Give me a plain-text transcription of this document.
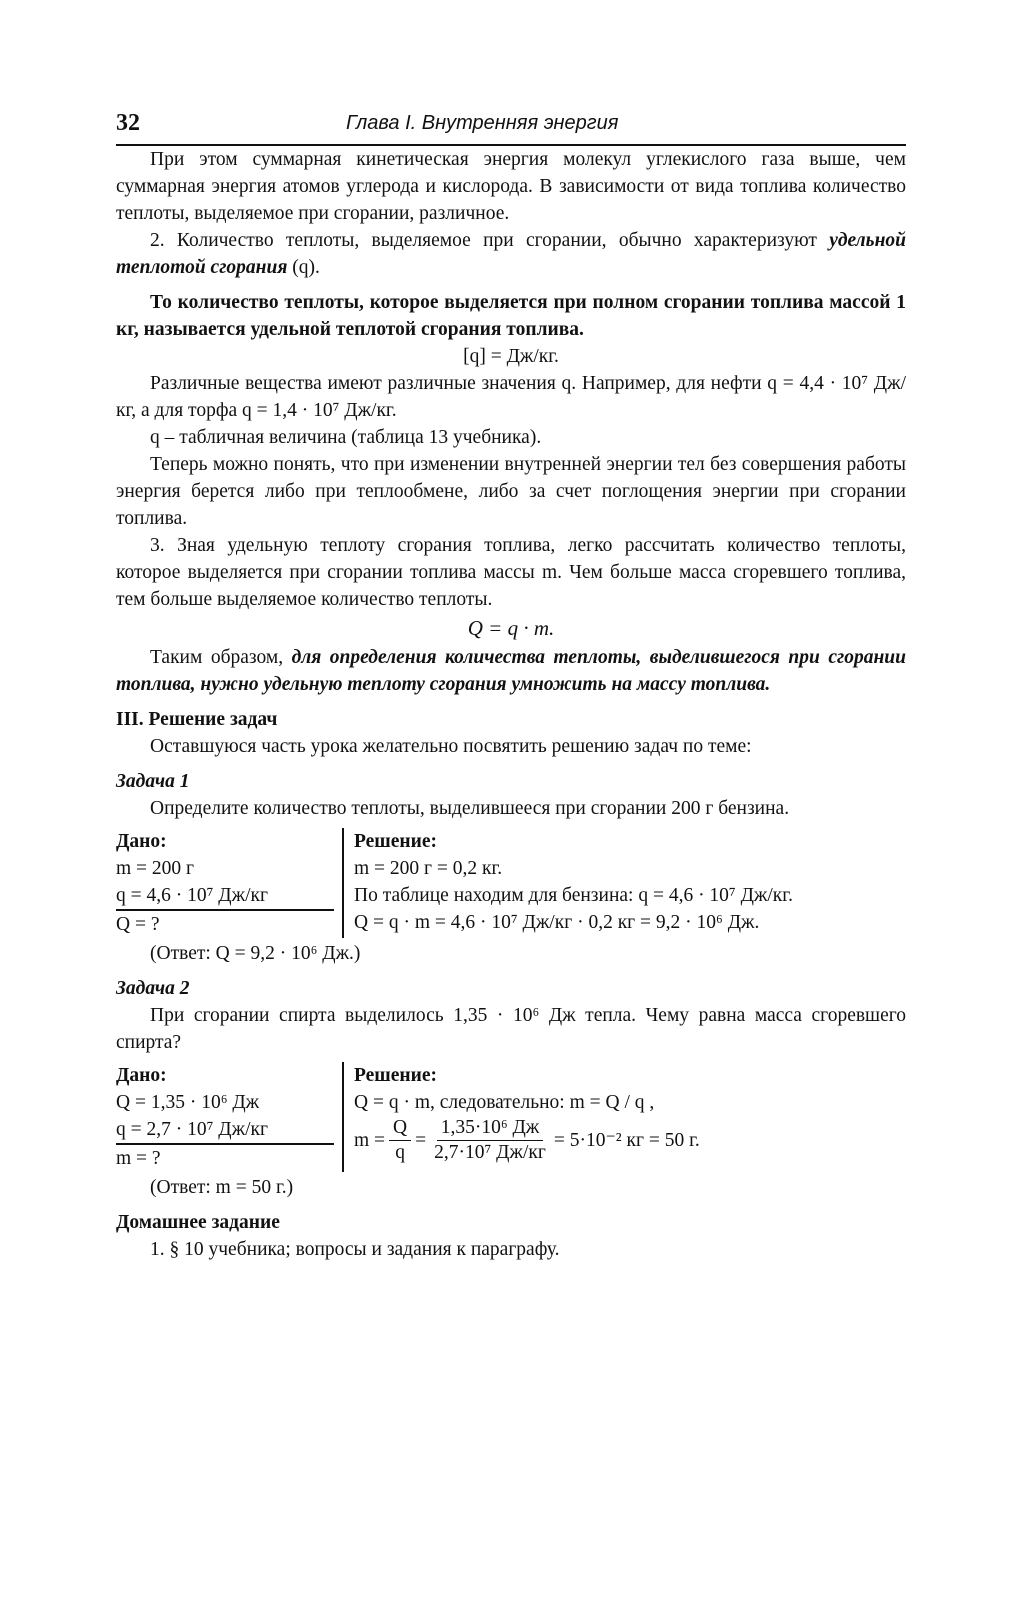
32	Глава I. Внутренняя энергия

При этом суммарная кинетическая энергия молекул углекислого газа выше, чем суммарная энергия атомов углерода и кислорода. В зависимости от вида топлива количество теплоты, выделяемое при сгорании, различное.

2. Количество теплоты, выделяемое при сгорании, обычно характеризуют удельной теплотой сгорания (q).

То количество теплоты, которое выделяется при полном сгорании топлива массой 1 кг, называется удельной теплотой сгорания топлива.

[q] = Дж/кг.

Различные вещества имеют различные значения q. Например, для нефти q = 4,4 · 10⁷ Дж/кг, а для торфа q = 1,4 · 10⁷ Дж/кг.

q – табличная величина (таблица 13 учебника).

Теперь можно понять, что при изменении внутренней энергии тел без совершения работы энергия берется либо при теплообмене, либо за счет поглощения энергии при сгорании топлива.

3. Зная удельную теплоту сгорания топлива, легко рассчитать количество теплоты, которое выделяется при сгорании топлива массы m. Чем больше масса сгоревшего топлива, тем больше выделяемое количество теплоты.

Q = q · m.

Таким образом, для определения количества теплоты, выделившегося при сгорании топлива, нужно удельную теплоту сгорания умножить на массу топлива.

III. Решение задач

Оставшуюся часть урока желательно посвятить решению задач по теме:

Задача 1

Определите количество теплоты, выделившееся при сгорании 200 г бензина.

Дано:
m = 200 г
q = 4,6 · 10⁷ Дж/кг
Q = ?
Решение:
m = 200 г = 0,2 кг.
По таблице находим для бензина: q = 4,6 · 10⁷ Дж/кг.
Q = q · m = 4,6 · 10⁷ Дж/кг · 0,2 кг = 9,2 · 10⁶ Дж.

(Ответ: Q = 9,2 · 10⁶ Дж.)

Задача 2

При сгорании спирта выделилось 1,35 · 10⁶ Дж тепла. Чему равна масса сгоревшего спирта?

Дано:
Q = 1,35 · 10⁶ Дж
q = 2,7 · 10⁷ Дж/кг
m = ?
Решение:
Q = q · m, следовательно: m = Q / q ,
$m = \frac{Q}{q} = \frac{\text{1,35·10⁶ Дж}}{\text{2,7·10⁷ Дж/кг}} = 5\cdot 10^{-2}$ кг = 50 г.

(Ответ: m = 50 г.)

Домашнее задание

1. § 10 учебника; вопросы и задания к параграфу.
